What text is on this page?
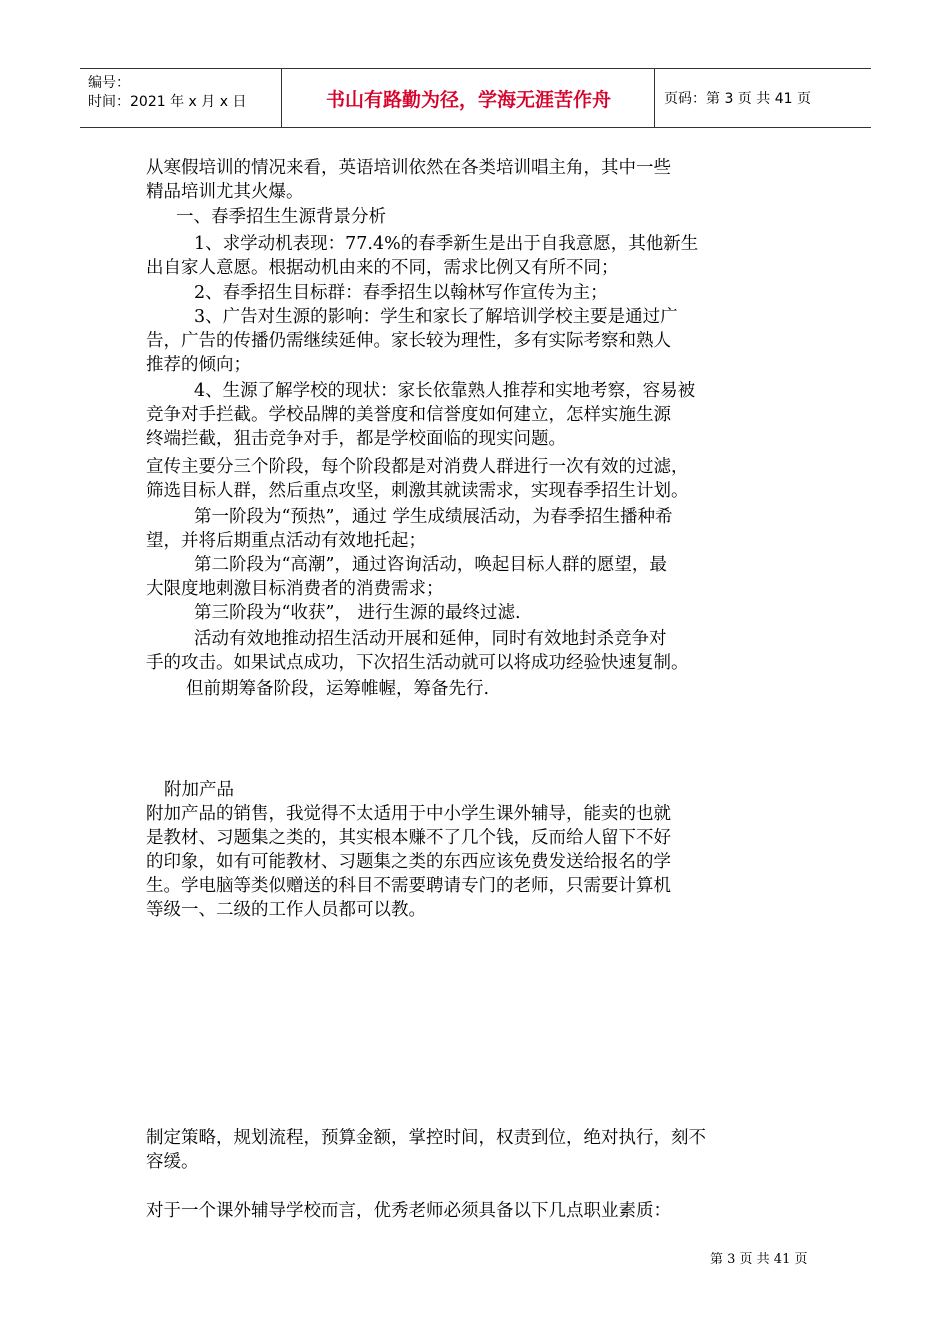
编号：
时间：2021 年 x 月 x 日	书山有路勤为径，学海无涯苦作舟	页码：第 3 页 共 41 页
从寒假培训的情况来看，英语培训依然在各类培训唱主角，其中一些
精品培训尤其火爆。
一、春季招生生源背景分析
1、求学动机表现：77.4%的春季新生是出于自我意愿，其他新生
出自家人意愿。根据动机由来的不同，需求比例又有所不同；
2、春季招生目标群：春季招生以翰林写作宣传为主；
3、广告对生源的影响：学生和家长了解培训学校主要是通过广
告，广告的传播仍需继续延伸。家长较为理性，多有实际考察和熟人
推荐的倾向；
4、生源了解学校的现状：家长依靠熟人推荐和实地考察，容易被
竞争对手拦截。学校品牌的美誉度和信誉度如何建立，怎样实施生源
终端拦截，狙击竞争对手，都是学校面临的现实问题。
宣传主要分三个阶段，每个阶段都是对消费人群进行一次有效的过滤，
筛选目标人群，然后重点攻坚，刺激其就读需求，实现春季招生计划。
第一阶段为“预热”，通过 学生成绩展活动，为春季招生播种希
望，并将后期重点活动有效地托起；
第二阶段为“高潮”，通过咨询活动，唤起目标人群的愿望，最
大限度地刺激目标消费者的消费需求；
第三阶段为“收获”， 进行生源的最终过滤.
活动有效地推动招生活动开展和延伸，同时有效地封杀竞争对
手的攻击。如果试点成功，下次招生活动就可以将成功经验快速复制。
但前期筹备阶段，运筹帷幄，筹备先行.
附加产品
附加产品的销售，我觉得不太适用于中小学生课外辅导，能卖的也就
是教材、习题集之类的，其实根本赚不了几个钱，反而给人留下不好
的印象，如有可能教材、习题集之类的东西应该免费发送给报名的学
生。学电脑等类似赠送的科目不需要聘请专门的老师，只需要计算机
等级一、二级的工作人员都可以教。
制定策略，规划流程，预算金额，掌控时间，权责到位，绝对执行，刻不
容缓。
对于一个课外辅导学校而言，优秀老师必须具备以下几点职业素质：
第 3 页 共 41 页
